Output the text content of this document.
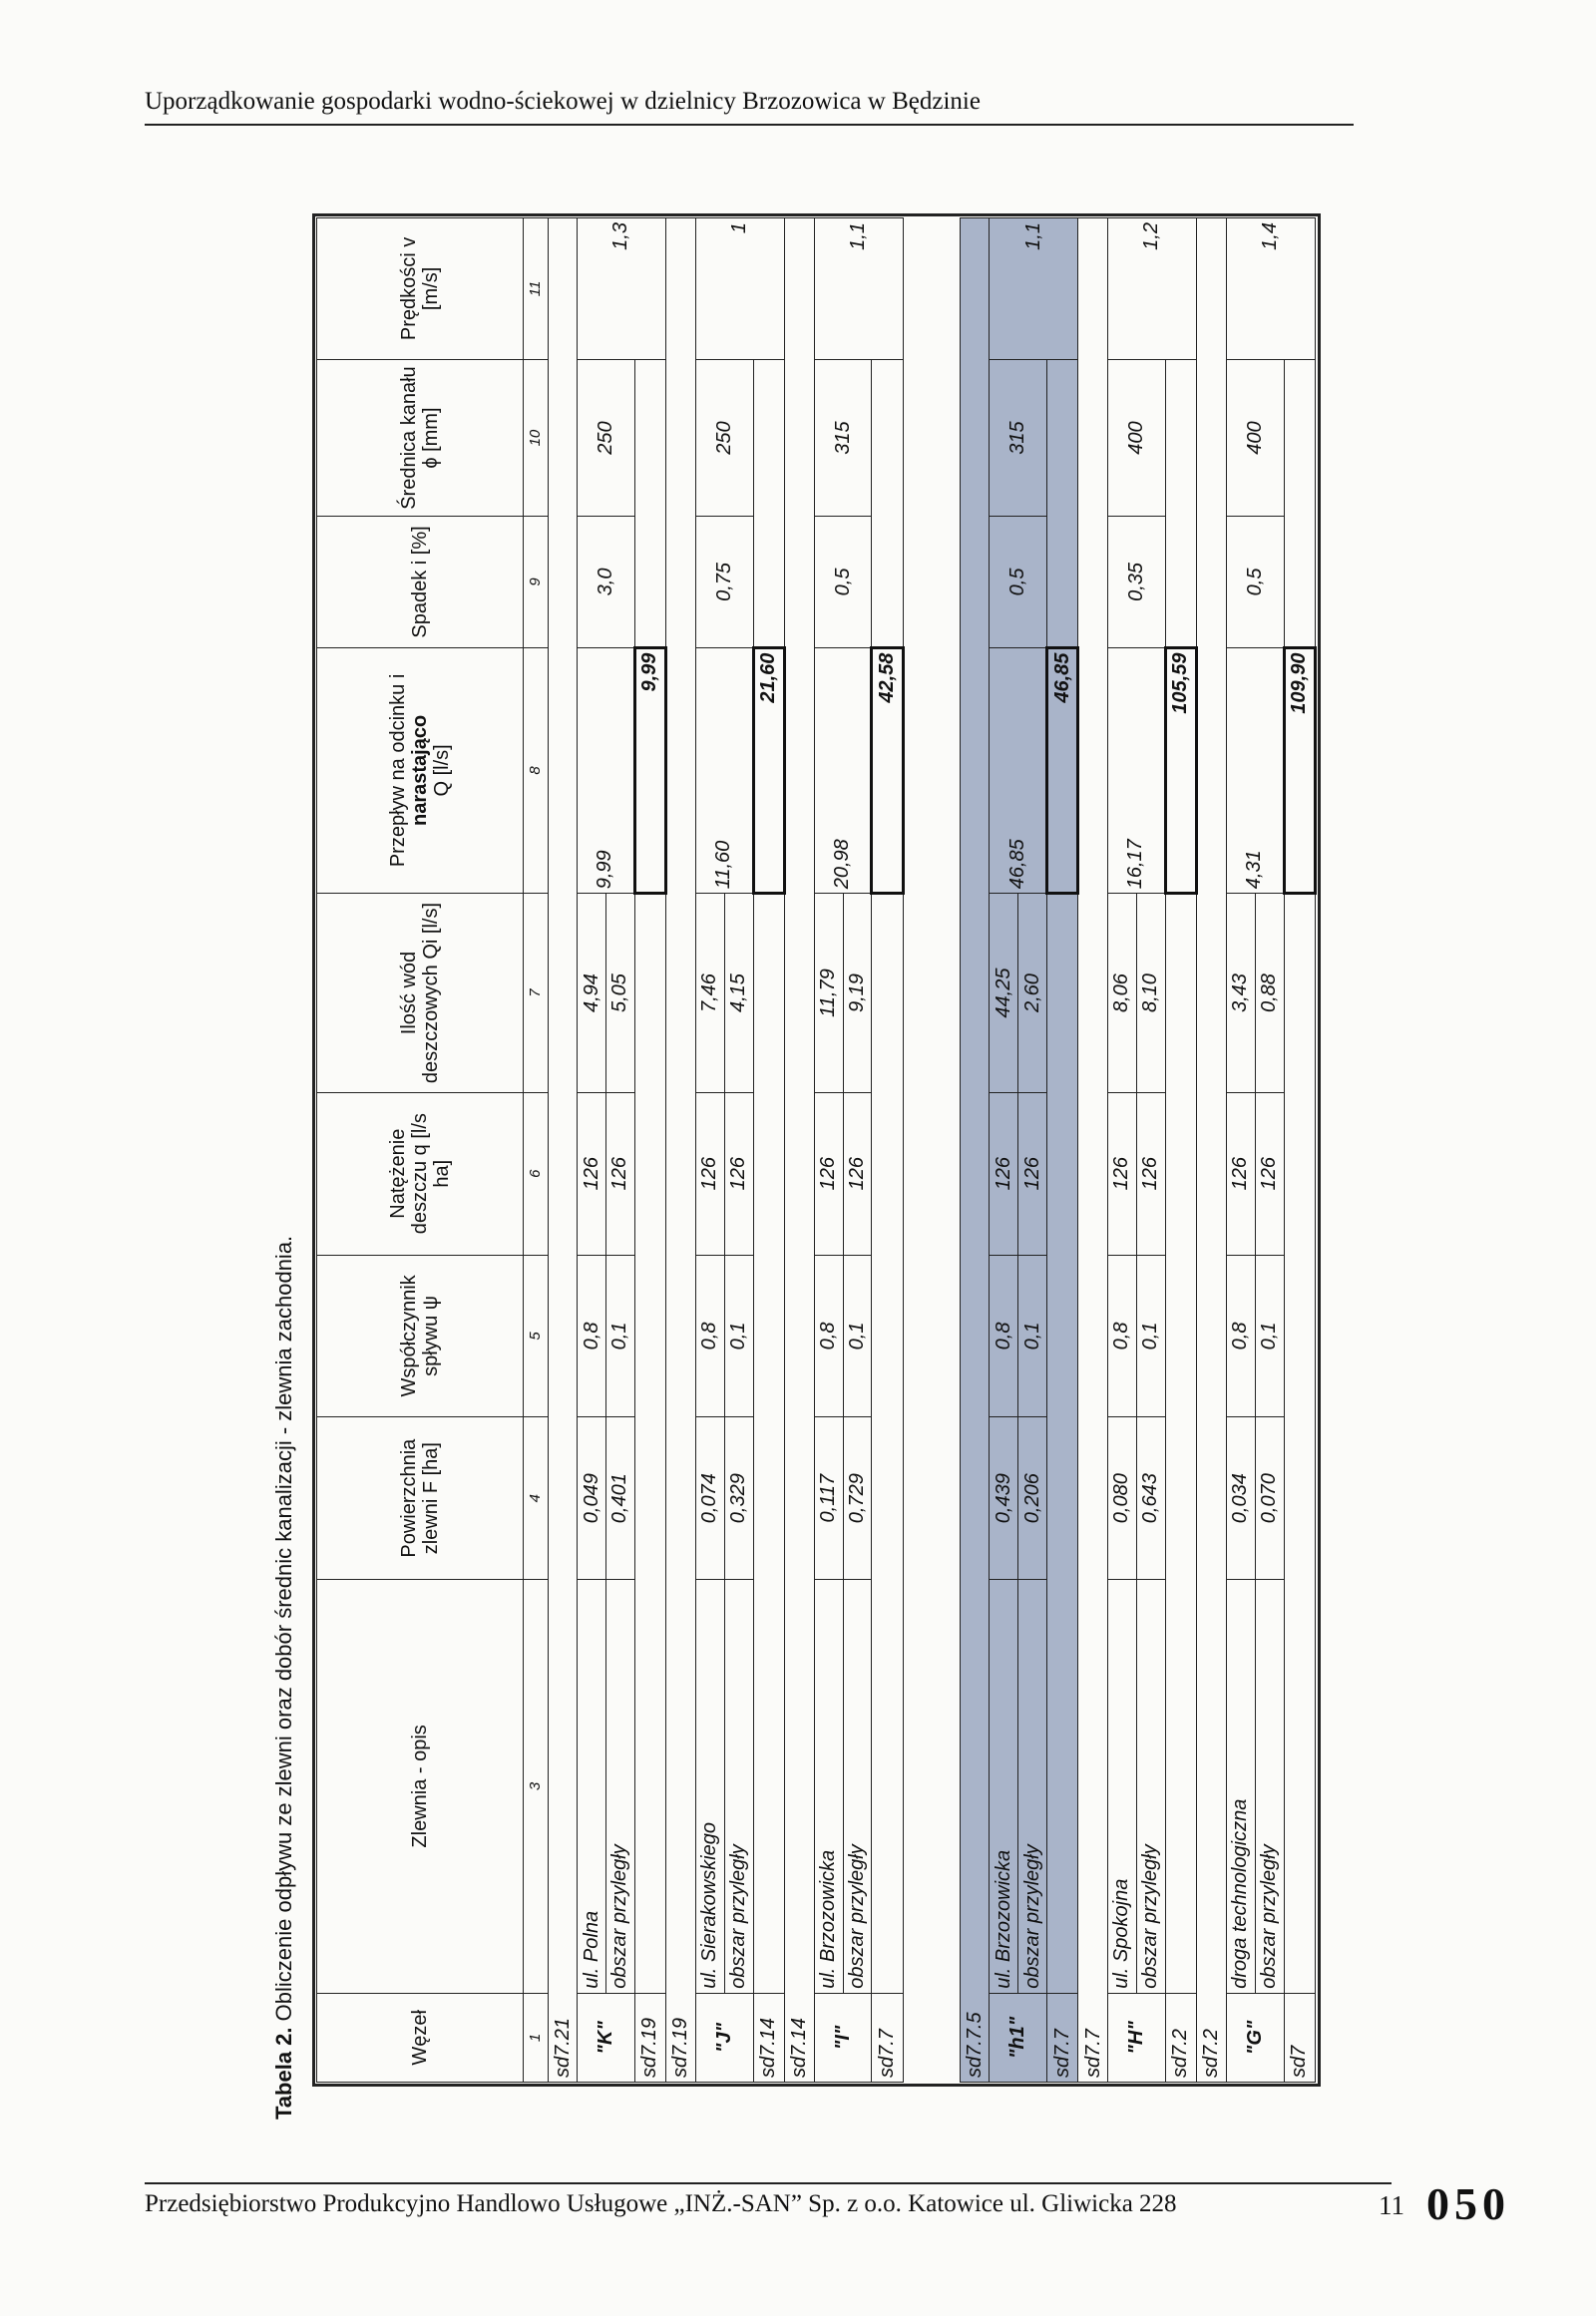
Uporządkowanie gospodarki wodno-ściekowej w dzielnicy Brzozowica w Będzinie
Tabela 2. Obliczenie odpływu ze zlewni oraz dobór średnic kanalizacji - zlewnia zachodnia.
Węzeł	Zlewnia - opis	Powierzchnia zlewni F [ha]	Współczynnik spływu ψ	Natężenie deszczu q [l/s ha]	Ilość wód deszczowych Qi [l/s]	Przepływ na odcinku i
narastająco
Q [l/s]	Spadek i [%]	Średnica kanału ϕ [mm]	Prędkości v [m/s]
1	3	4	5	6	7	8	9	10	11
sd7.21									
"K"	ul. Polna	0,049	0,8	126	4,94	9,99	3,0	250	1,3
	obszar przyległy	0,401	0,1	126	5,05				
sd7.19						9,99			
sd7.19									
"J"	ul. Sierakowskiego	0,074	0,8	126	7,46	11,60	0,75	250	1
	obszar przyległy	0,329	0,1	126	4,15				
sd7.14						21,60			
sd7.14									
"I"	ul. Brzozowicka	0,117	0,8	126	11,79	20,98	0,5	315	1,1
	obszar przyległy	0,729	0,1	126	9,19				
sd7.7						42,58			

sd7.7.5									
"h1"	ul. Brzozowicka	0,439	0,8	126	44,25	46,85	0,5	315	1,1
	obszar przyległy	0,206	0,1	126	2,60				
sd7.7						46,85			
sd7.7									
"H"	ul. Spokojna	0,080	0,8	126	8,06	16,17	0,35	400	1,2
	obszar przyległy	0,643	0,1	126	8,10				
sd7.2						105,59			
sd7.2									
"G"	droga technologiczna	0,034	0,8	126	3,43	4,31	0,5	400	1,4
	obszar przyległy	0,070	0,1	126	0,88				
sd7						109,90			
Przedsiębiorstwo Produkcyjno Handlowo Usługowe „INŻ.-SAN” Sp. z o.o. Katowice ul. Gliwicka 228	11 050
